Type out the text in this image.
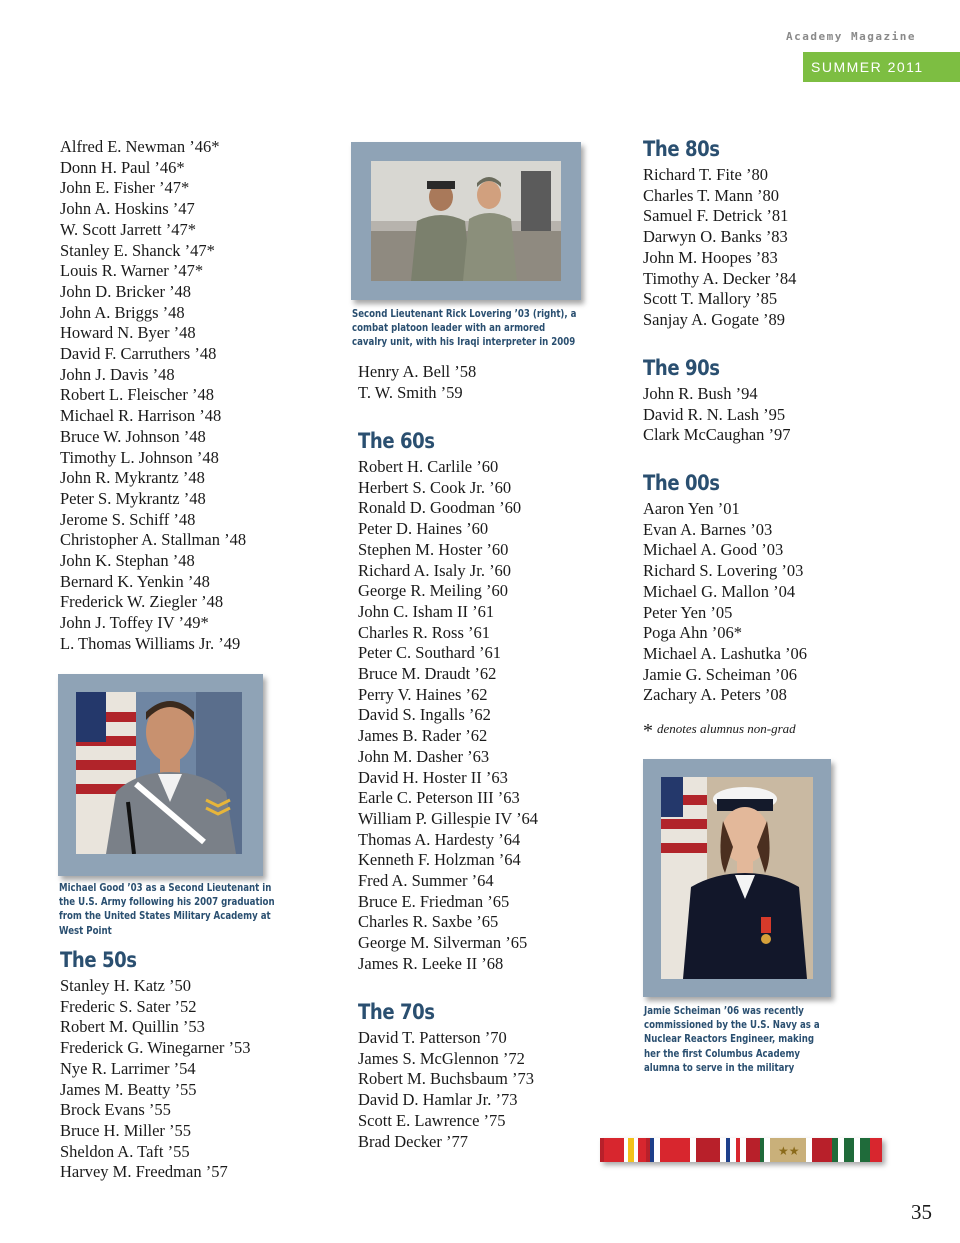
Academy Magazine
SUMMER 2011
Alfred E. Newman ’46*
Donn H. Paul ’46*
John E. Fisher ’47*
John A. Hoskins ’47
W. Scott Jarrett ’47*
Stanley E. Shanck ’47*
Louis R. Warner ’47*
John D. Bricker ’48
John A. Briggs ’48
Howard N. Byer ’48
David F. Carruthers ’48
John J. Davis ’48
Robert L. Fleischer ’48
Michael R. Harrison ’48
Bruce W. Johnson ’48
Timothy L. Johnson ’48
John R. Mykrantz ’48
Peter S. Mykrantz ’48
Jerome S. Schiff ’48
Christopher A. Stallman ’48
John K. Stephan ’48
Bernard K. Yenkin ’48
Frederick W. Ziegler ’48
John J. Toffey IV ’49*
L. Thomas Williams Jr. ’49
Michael Good ’03 as a Second Lieutenant in the U.S. Army following his 2007 graduation from the United States Military Academy at West Point
The 50s
Stanley H. Katz ’50
Frederic S. Sater ’52
Robert M. Quillin ’53
Frederick G. Winegarner ’53
Nye R. Larrimer ’54
James M. Beatty ’55
Brock Evans ’55
Bruce H. Miller ’55
Sheldon A. Taft ’55
Harvey M. Freedman ’57
Second Lieutenant Rick Lovering ’03 (right), a combat platoon leader with an armored cavalry unit, with his Iraqi interpreter in 2009
Henry A. Bell ’58
T. W. Smith ’59
The 60s
Robert H. Carlile ’60
Herbert S. Cook Jr. ’60
Ronald D. Goodman ’60
Peter D. Haines ’60
Stephen M. Hoster ’60
Richard A. Isaly Jr. ’60
George R. Meiling ’60
John C. Isham II ’61
Charles R. Ross ’61
Peter C. Southard ’61
Bruce M. Draudt ’62
Perry V. Haines ’62
David S. Ingalls ’62
James B. Rader ’62
John M. Dasher ’63
David H. Hoster II ’63
Earle C. Peterson III ’63
William P. Gillespie IV ’64
Thomas A. Hardesty ’64
Kenneth F. Holzman ’64
Fred A. Summer ’64
Bruce E. Friedman ’65
Charles R. Saxbe ’65
George M. Silverman ’65
James R. Leeke II ’68
The 70s
David T. Patterson ’70
James S. McGlennon ’72
Robert M. Buchsbaum ’73
David D. Hamlar Jr. ’73
Scott E. Lawrence ’75
Brad Decker ’77
The 80s
Richard T. Fite ’80
Charles T. Mann ’80
Samuel F. Detrick ’81
Darwyn O. Banks ’83
John M. Hoopes ’83
Timothy A. Decker ’84
Scott T. Mallory ’85
Sanjay A. Gogate ’89
The 90s
John R. Bush ’94
David R. N. Lash ’95
Clark McCaughan ’97
The 00s
Aaron Yen ’01
Evan A. Barnes ’03
Michael A. Good ’03
Richard S. Lovering ’03
Michael G. Mallon ’04
Peter Yen ’05
Poga Ahn ’06*
Michael A. Lashutka ’06
Jamie G. Scheiman ’06
Zachary A. Peters ’08
* denotes alumnus non-grad
Jamie Scheiman ’06 was recently commissioned by the U.S. Navy as a Nuclear Reactors Engineer, making her the first Columbus Academy alumna to serve in the military
★★
35
